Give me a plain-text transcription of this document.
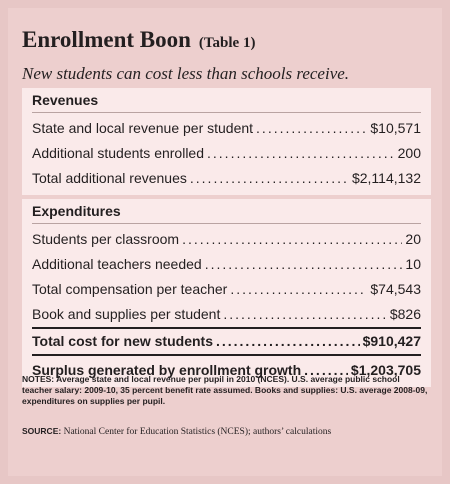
Enrollment Boon (Table 1)
New students can cost less than schools receive.
Revenues
State and local revenue per student .....	$10,571
Additional students enrolled .....	200
Total additional revenues .....	$2,114,132
Expenditures
Students per classroom .....	20
Additional teachers needed .....	10
Total compensation per teacher .....	$74,543
Book and supplies per student .....	$826
Total cost for new students .....	$910,427
Surplus generated by enrollment growth .....	$1,203,705
NOTES: Average state and local revenue per pupil in 2010 (NCES). U.S. average public school teacher salary: 2009-10, 35 percent benefit rate assumed. Books and supplies: U.S. average 2008-09, expenditures on supplies per pupil.
SOURCE: National Center for Education Statistics (NCES); authors’ calculations
